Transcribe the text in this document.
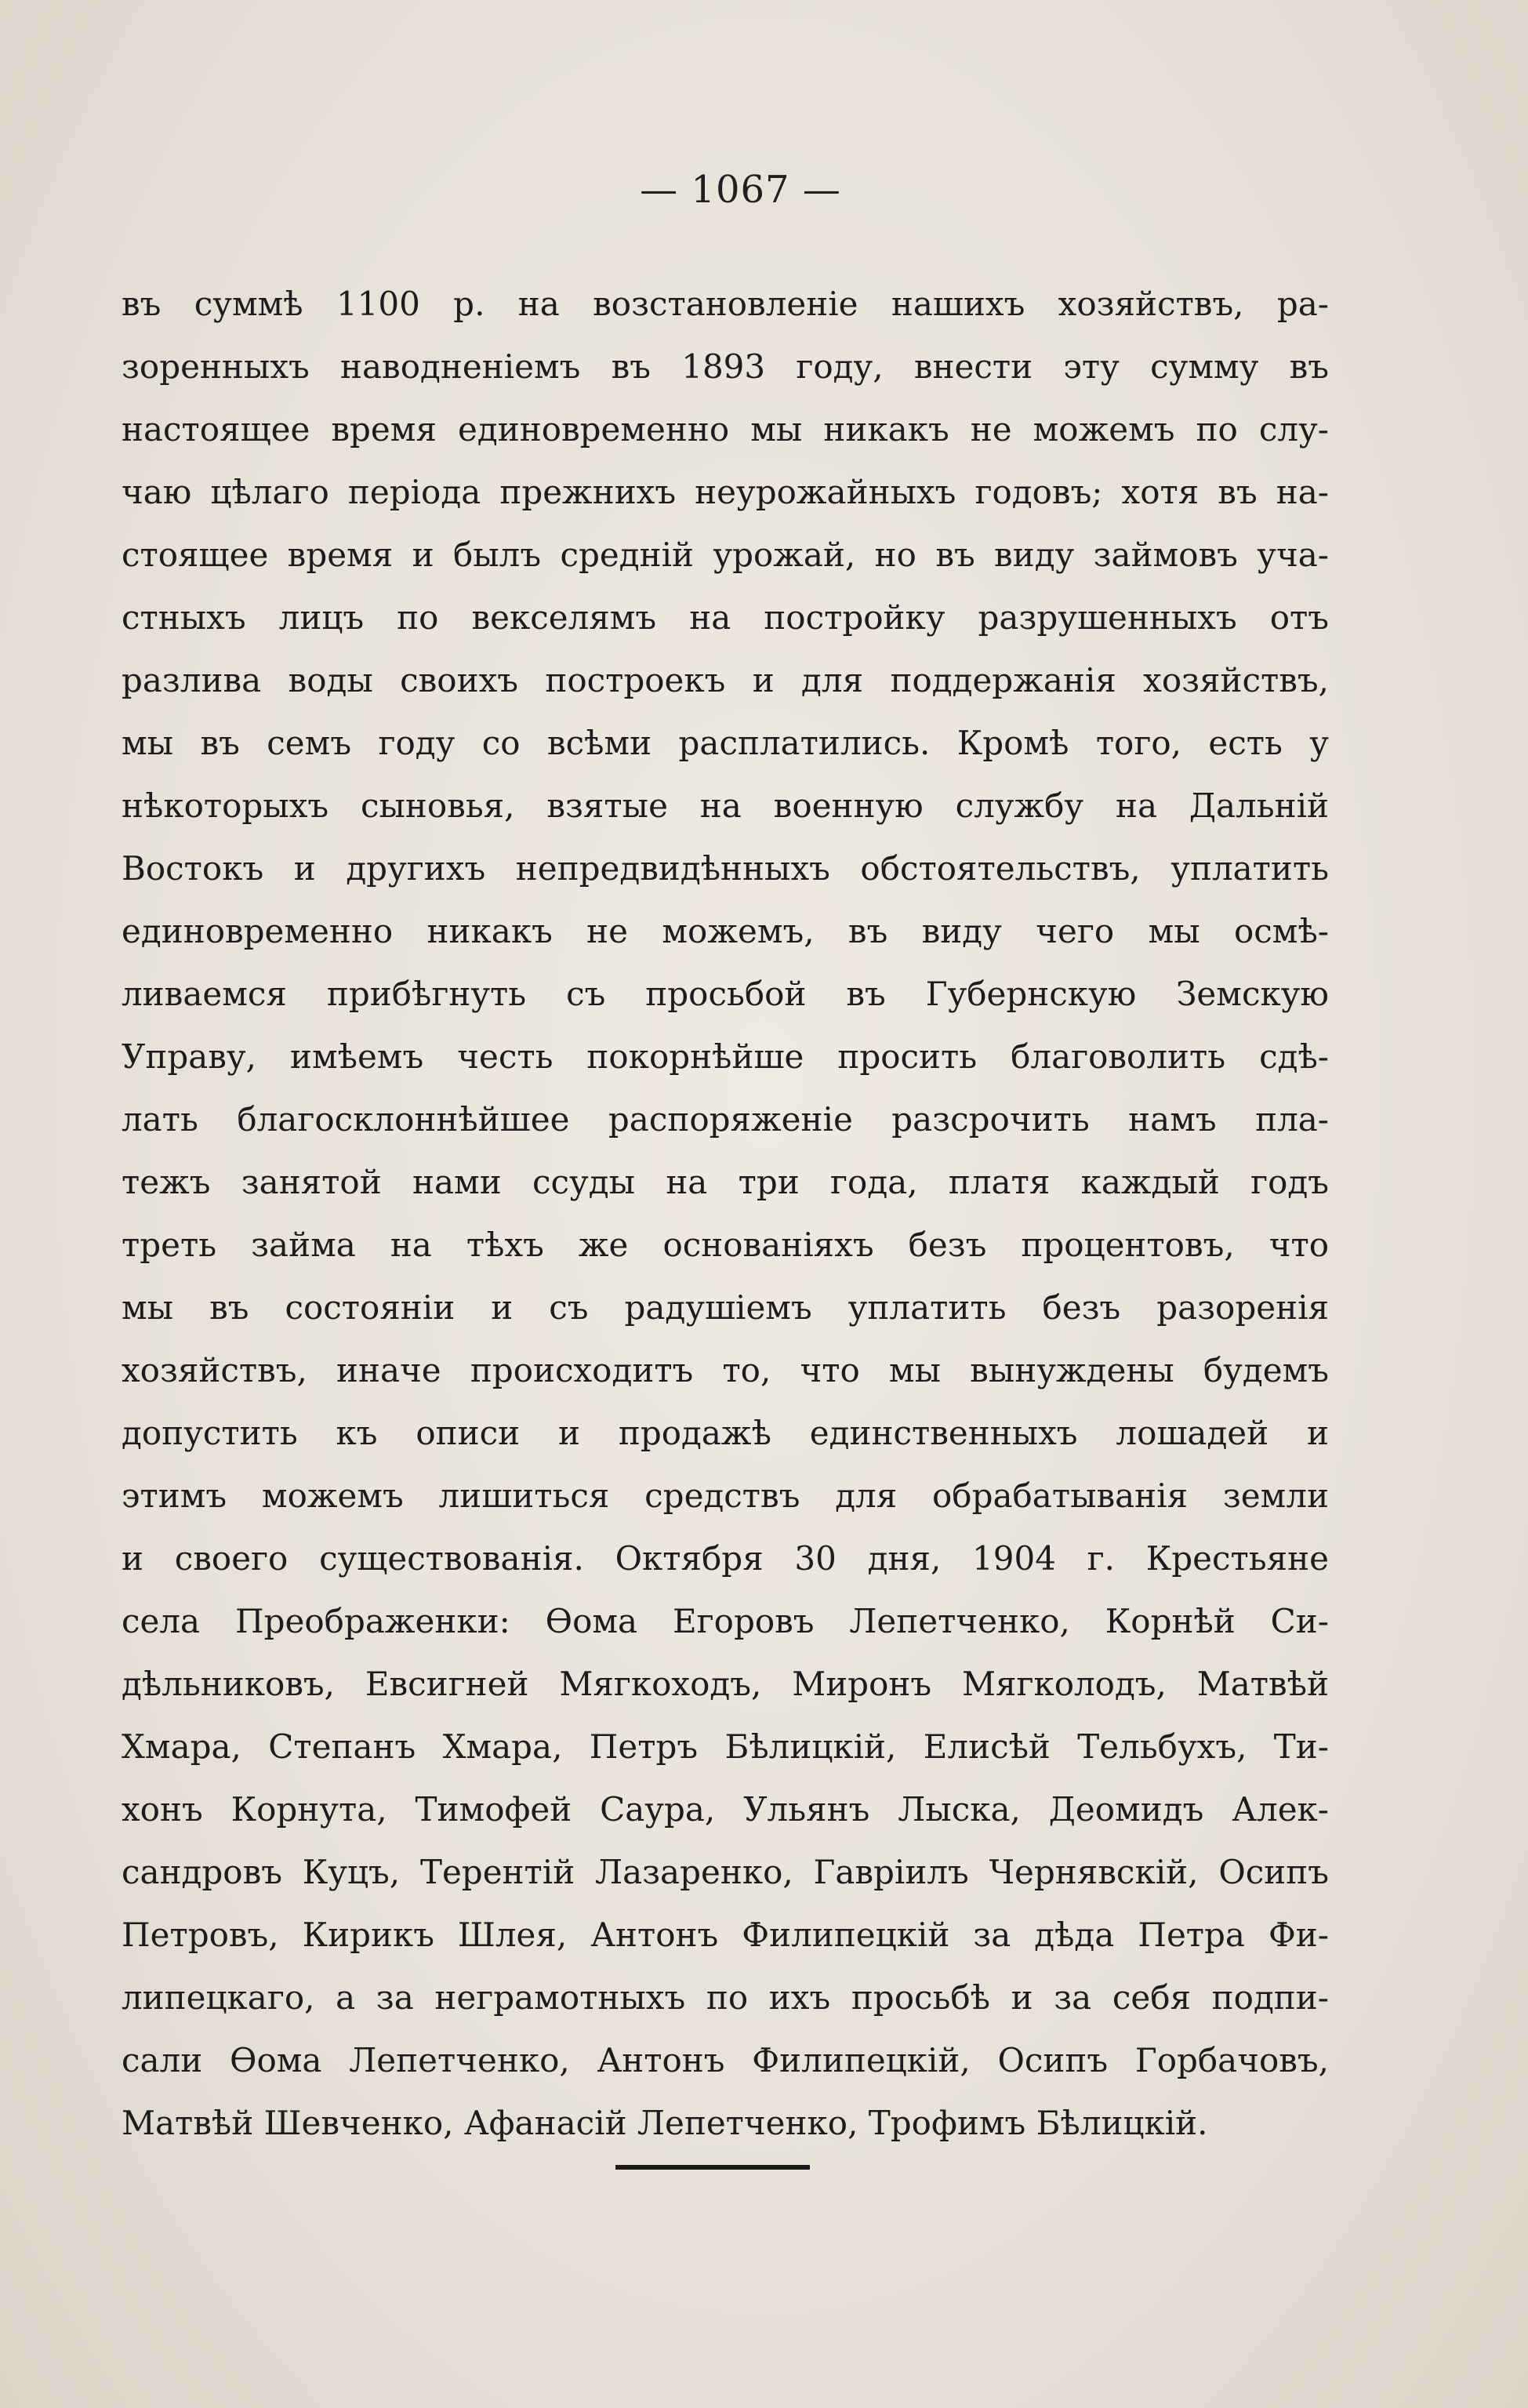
— 1067 —
въ суммѣ 1100 р. на возстановленіе нашихъ хозяйствъ, ра-
зоренныхъ наводненіемъ въ 1893 году, внести эту сумму въ
настоящее время единовременно мы никакъ не можемъ по слу-
чаю цѣлаго періода прежнихъ неурожайныхъ годовъ; хотя въ на-
стоящее время и былъ средній урожай, но въ виду займовъ уча-
стныхъ лицъ по векселямъ на постройку разрушенныхъ отъ
разлива воды своихъ построекъ и для поддержанія хозяйствъ,
мы въ семъ году со всѣми расплатились. Кромѣ того, есть у
нѣкоторыхъ сыновья, взятые на военную службу на Дальній
Востокъ и другихъ непредвидѣнныхъ обстоятельствъ, уплатить
единовременно никакъ не можемъ, въ виду чего мы осмѣ-
ливаемся прибѣгнуть съ просьбой въ Губернскую Земскую
Управу, имѣемъ честь покорнѣйше просить благоволить сдѣ-
лать благосклоннѣйшее распоряженіе разсрочить намъ пла-
тежъ занятой нами ссуды на три года, платя каждый годъ
треть займа на тѣхъ же основаніяхъ безъ процентовъ, что
мы въ состояніи и съ радушіемъ уплатить безъ разоренія
хозяйствъ, иначе происходитъ то, что мы вынуждены будемъ
допустить къ описи и продажѣ единственныхъ лошадей и
этимъ можемъ лишиться средствъ для обрабатыванія земли
и своего существованія. Октября 30 дня, 1904 г. Крестьяне
села Преображенки: Ѳома Егоровъ Лепетченко, Корнѣй Си-
дѣльниковъ, Евсигней Мягкоходъ, Миронъ Мягколодъ, Матвѣй
Хмара, Степанъ Хмара, Петръ Бѣлицкій, Елисѣй Тельбухъ, Ти-
хонъ Корнута, Тимофей Саура, Ульянъ Лыска, Деомидъ Алек-
сандровъ Куцъ, Терентій Лазаренко, Гавріилъ Чернявскій, Осипъ
Петровъ, Кирикъ Шлея, Антонъ Филипецкій за дѣда Петра Фи-
липецкаго, а за неграмотныхъ по ихъ просьбѣ и за себя подпи-
сали Ѳома Лепетченко, Антонъ Филипецкій, Осипъ Горбачовъ,
Матвѣй Шевченко, Афанасій Лепетченко, Трофимъ Бѣлицкій.
